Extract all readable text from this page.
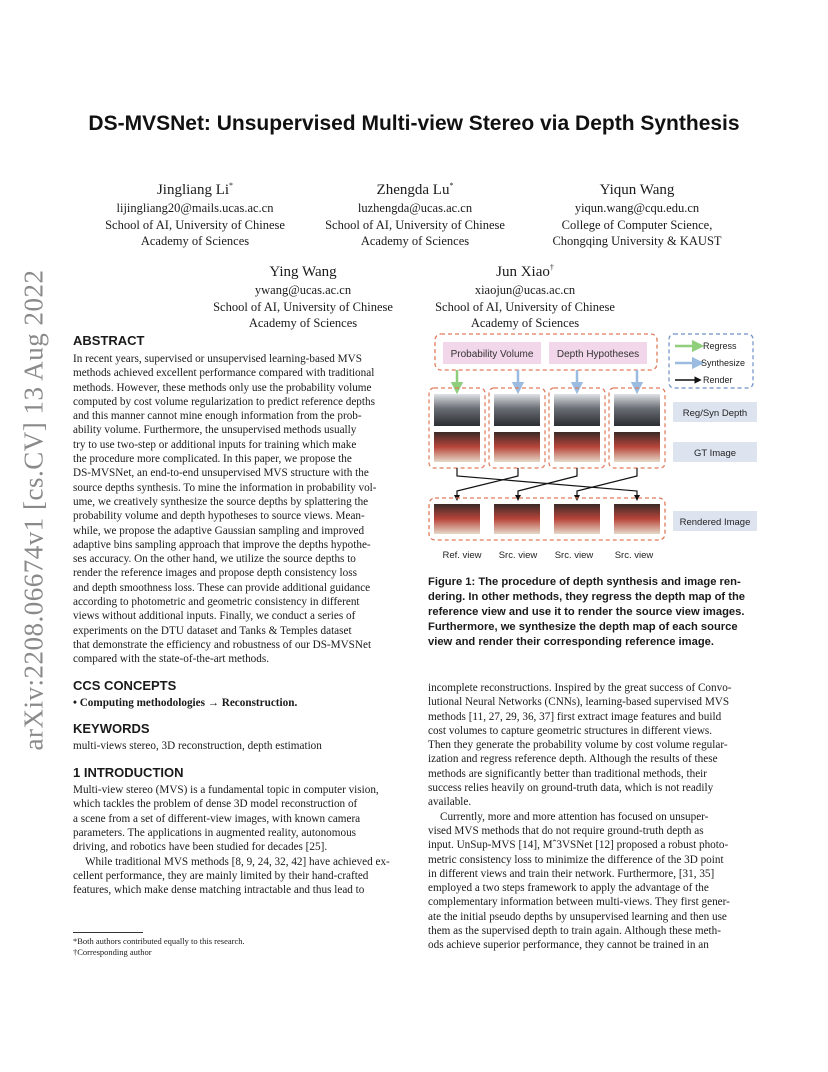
arXiv:2208.06674v1 [cs.CV] 13 Aug 2022
DS-MVSNet: Unsupervised Multi-view Stereo via Depth Synthesis
Jingliang Li*
lijingliang20@mails.ucas.ac.cn
School of AI, University of Chinese
Academy of Sciences
Zhengda Lu*
luzhengda@ucas.ac.cn
School of AI, University of Chinese
Academy of Sciences
Yiqun Wang
yiqun.wang@cqu.edu.cn
College of Computer Science,
Chongqing University & KAUST
Ying Wang
ywang@ucas.ac.cn
School of AI, University of Chinese
Academy of Sciences
Jun Xiao†
xiaojun@ucas.ac.cn
School of AI, University of Chinese
Academy of Sciences
ABSTRACT
In recent years, supervised or unsupervised learning-based MVS
methods achieved excellent performance compared with traditional
methods. However, these methods only use the probability volume
computed by cost volume regularization to predict reference depths
and this manner cannot mine enough information from the prob-
ability volume. Furthermore, the unsupervised methods usually
try to use two-step or additional inputs for training which make
the procedure more complicated. In this paper, we propose the
DS-MVSNet, an end-to-end unsupervised MVS structure with the
source depths synthesis. To mine the information in probability vol-
ume, we creatively synthesize the source depths by splattering the
probability volume and depth hypotheses to source views. Mean-
while, we propose the adaptive Gaussian sampling and improved
adaptive bins sampling approach that improve the depths hypothe-
ses accuracy. On the other hand, we utilize the source depths to
render the reference images and propose depth consistency loss
and depth smoothness loss. These can provide additional guidance
according to photometric and geometric consistency in different
views without additional inputs. Finally, we conduct a series of
experiments on the DTU dataset and Tanks & Temples dataset
that demonstrate the efficiency and robustness of our DS-MVSNet
compared with the state-of-the-art methods.
CCS CONCEPTS
• Computing methodologies → Reconstruction.
KEYWORDS
multi-views stereo, 3D reconstruction, depth estimation
1 INTRODUCTION
Multi-view stereo (MVS) is a fundamental topic in computer vision,
which tackles the problem of dense 3D model reconstruction of
a scene from a set of different-view images, with known camera
parameters. The applications in augmented reality, autonomous
driving, and robotics have been studied for decades [25].
While traditional MVS methods [8, 9, 24, 32, 42] have achieved ex-
cellent performance, they are mainly limited by their hand-crafted
features, which make dense matching intractable and thus lead to
*Both authors contributed equally to this research.
†Corresponding author
Probability Volume Depth Hypotheses
Regress
Synthesize
Render
Reg/Syn Depth
GT Image
Rendered Image
Ref. view Src. view Src. view Src. view
Figure 1: The procedure of depth synthesis and image ren-
dering. In other methods, they regress the depth map of the
reference view and use it to render the source view images.
Furthermore, we synthesize the depth map of each source
view and render their corresponding reference image.
incomplete reconstructions. Inspired by the great success of Convo-
lutional Neural Networks (CNNs), learning-based supervised MVS
methods [11, 27, 29, 36, 37] first extract image features and build
cost volumes to capture geometric structures in different views.
Then they generate the probability volume by cost volume regular-
ization and regress reference depth. Although the results of these
methods are significantly better than traditional methods, their
success relies heavily on ground-truth data, which is not readily
available.
Currently, more and more attention has focused on unsuper-
vised MVS methods that do not require ground-truth depth as
input. UnSup-MVS [14], Mˆ3VSNet [12] proposed a robust photo-
metric consistency loss to minimize the difference of the 3D point
in different views and train their network. Furthermore, [31, 35]
employed a two steps framework to apply the advantage of the
complementary information between multi-views. They first gener-
ate the initial pseudo depths by unsupervised learning and then use
them as the supervised depth to train again. Although these meth-
ods achieve superior performance, they cannot be trained in an
